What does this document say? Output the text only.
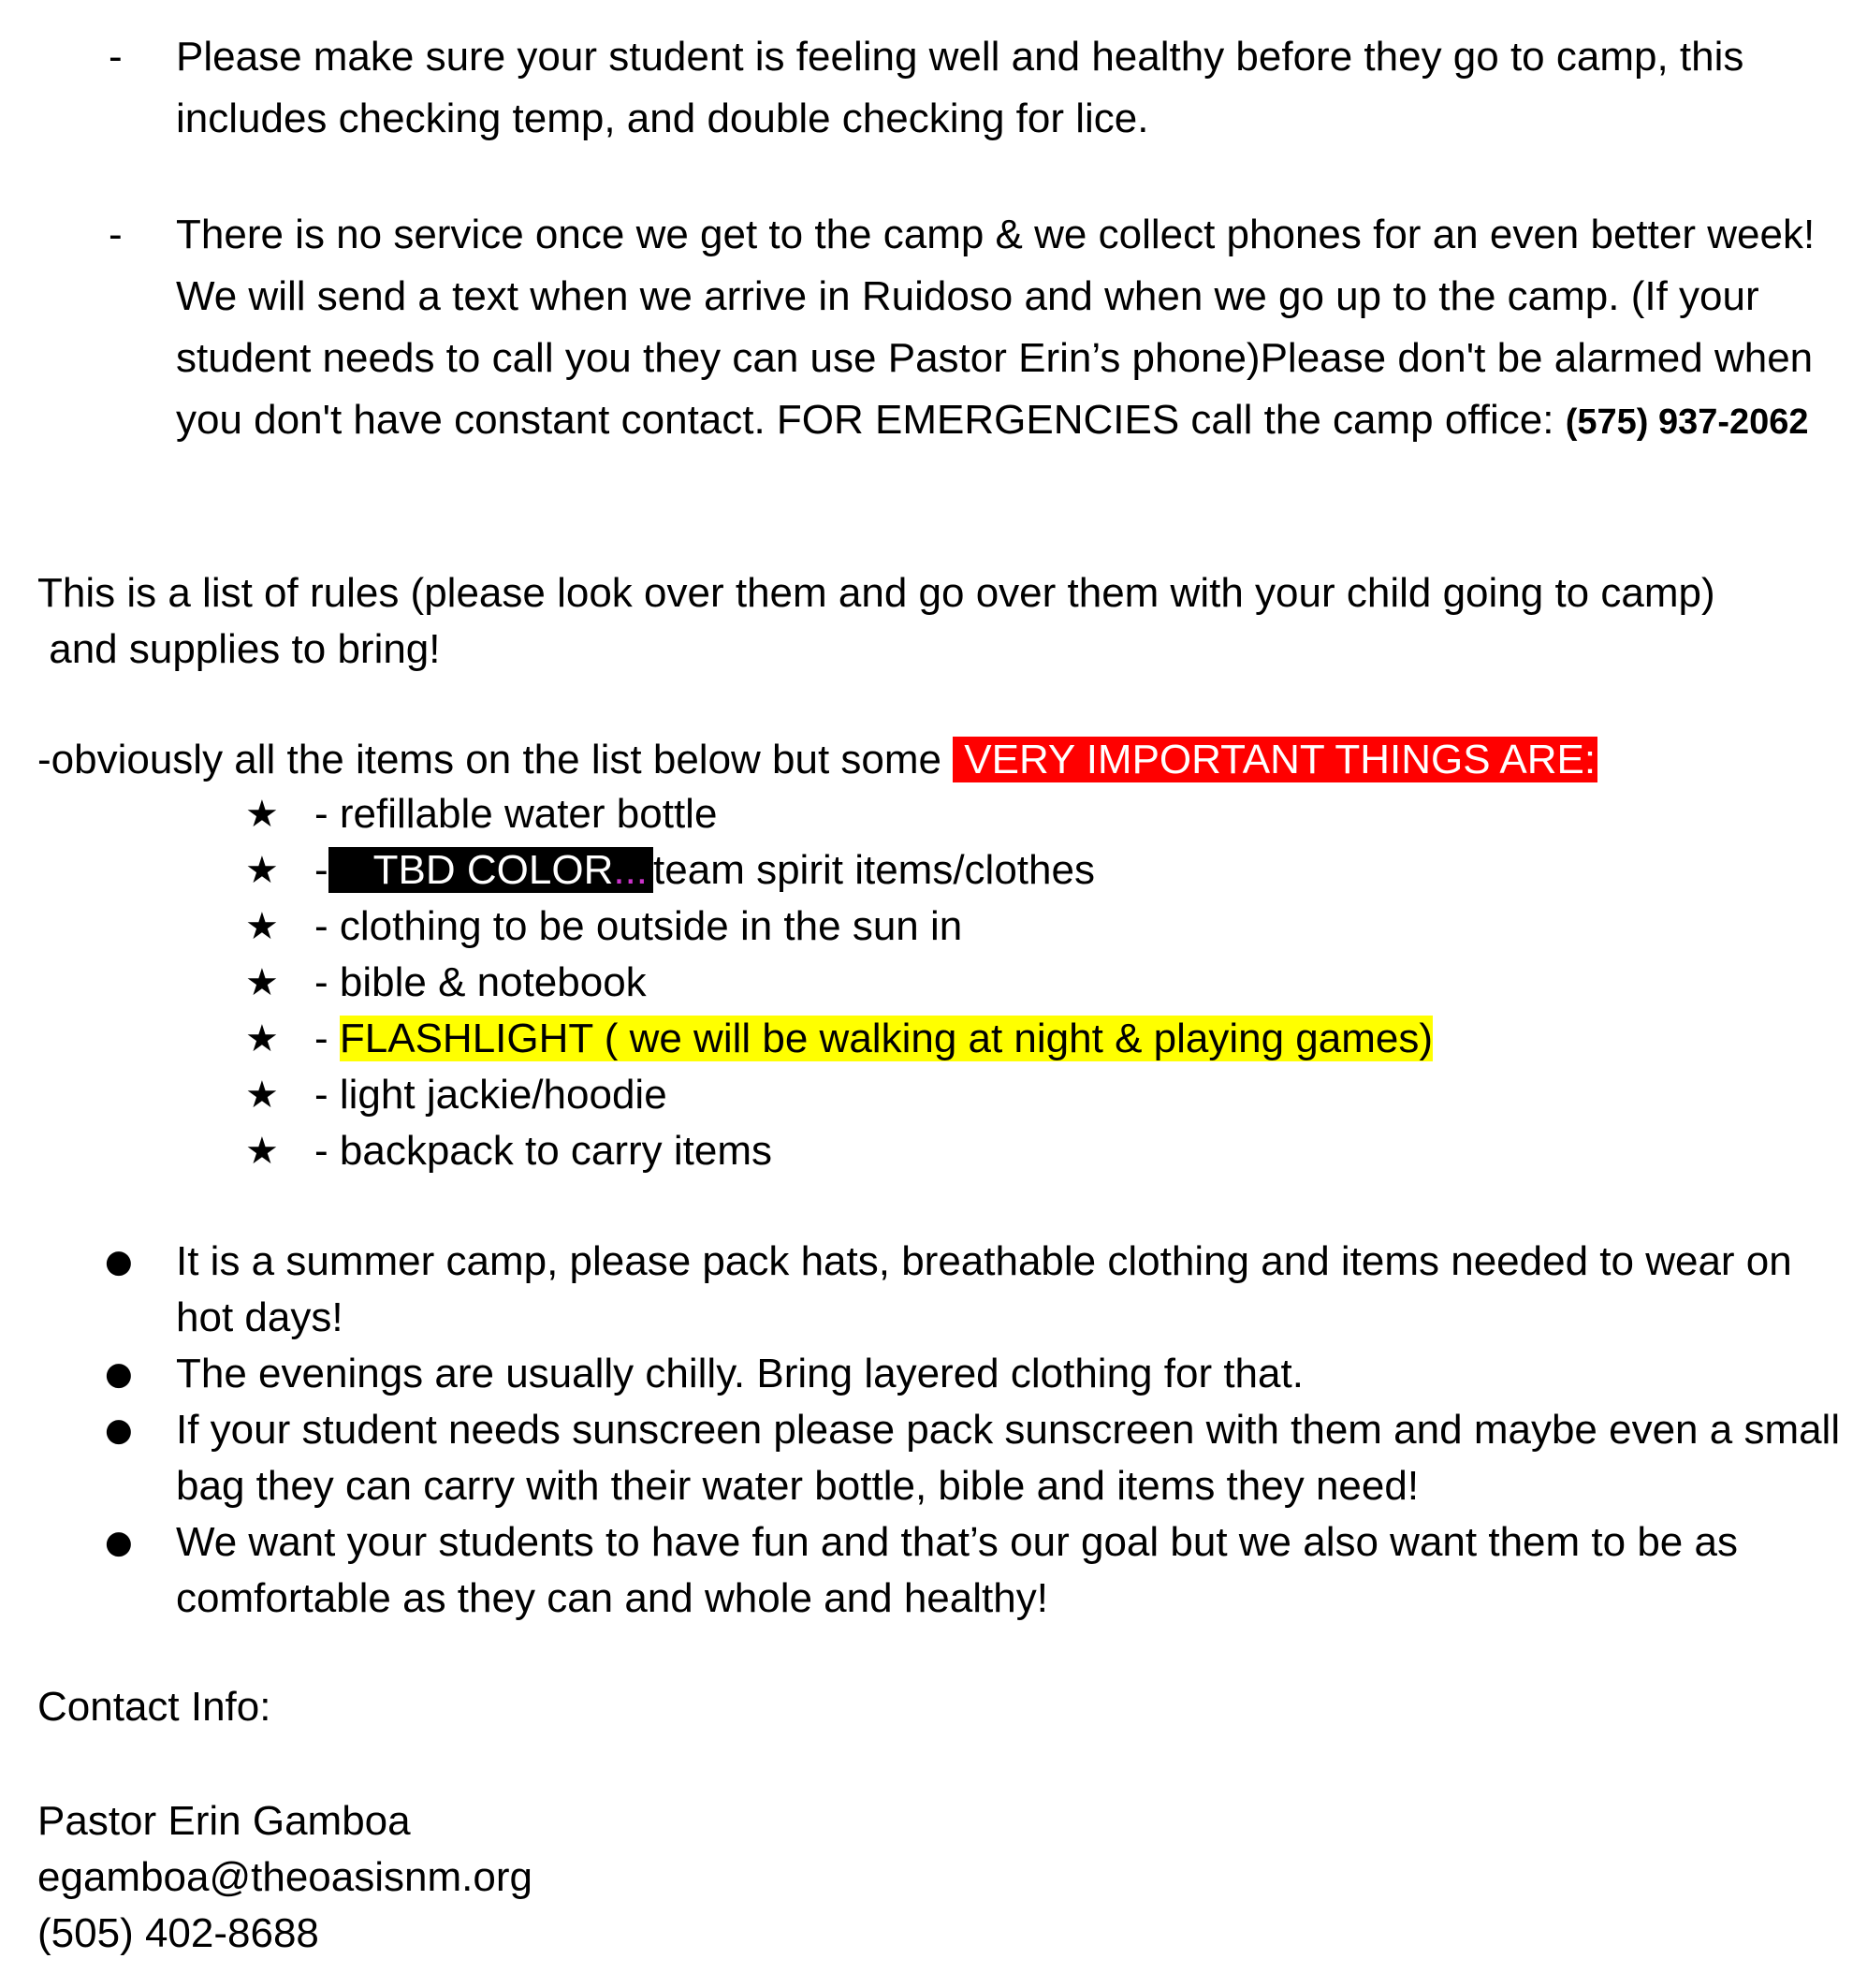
- Please make sure your student is feeling well and healthy before they go to camp, this includes checking temp, and double checking for lice.

- There is no service once we get to the camp & we collect phones for an even better week! We will send a text when we arrive in Ruidoso and when we go up to the camp. (If your student needs to call you they can use Pastor Erin’s phone)Please don't be alarmed when you don't have constant contact. FOR EMERGENCIES call the camp office: (575) 937-2062

This is a list of rules (please look over them and go over them with your child going to camp)
and supplies to bring!

-obviously all the items on the list below but some VERY IMPORTANT THINGS ARE:

★ - refillable water bottle
★ - TBD COLOR... team spirit items/clothes
★ - clothing to be outside in the sun in
★ - bible & notebook
★ - FLASHLIGHT ( we will be walking at night & playing games)
★ - light jackie/hoodie
★ - backpack to carry items
● It is a summer camp, please pack hats, breathable clothing and items needed to wear on hot days!
● The evenings are usually chilly. Bring layered clothing for that.
● If your student needs sunscreen please pack sunscreen with them and maybe even a small bag they can carry with their water bottle, bible and items they need!
● We want your students to have fun and that’s our goal but we also want them to be as comfortable as they can and whole and healthy!
Contact Info:
Pastor Erin Gamboa
egamboa@theoasisnm.org
(505) 402-8688
